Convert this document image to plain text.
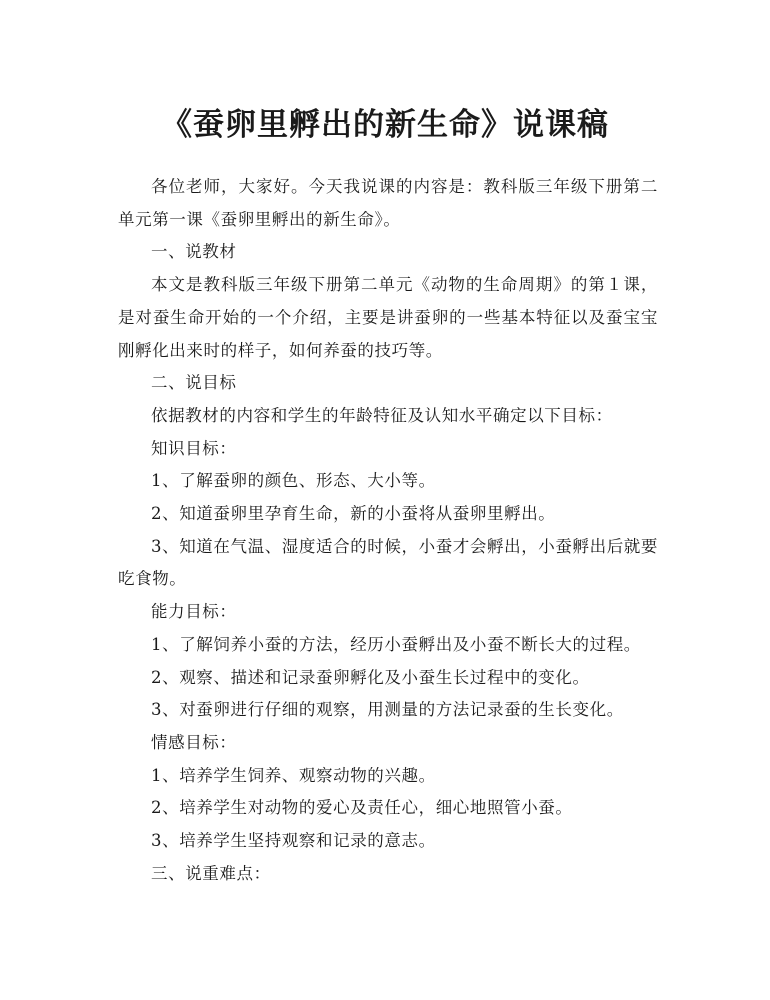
《蚕卵里孵出的新生命》说课稿

各位老师，大家好。今天我说课的内容是：教科版三年级下册第二单元第一课《蚕卵里孵出的新生命》。

一、说教材

本文是教科版三年级下册第二单元《动物的生命周期》的第１课，是对蚕生命开始的一个介绍，主要是讲蚕卵的一些基本特征以及蚕宝宝刚孵化出来时的样子，如何养蚕的技巧等。

二、说目标

依据教材的内容和学生的年龄特征及认知水平确定以下目标：

知识目标：

1、了解蚕卵的颜色、形态、大小等。

2、知道蚕卵里孕育生命，新的小蚕将从蚕卵里孵出。

3、知道在气温、湿度适合的时候，小蚕才会孵出，小蚕孵出后就要吃食物。

能力目标：

1、了解饲养小蚕的方法，经历小蚕孵出及小蚕不断长大的过程。

2、观察、描述和记录蚕卵孵化及小蚕生长过程中的变化。

3、对蚕卵进行仔细的观察，用测量的方法记录蚕的生长变化。

情感目标：

1、培养学生饲养、观察动物的兴趣。

2、培养学生对动物的爱心及责任心，细心地照管小蚕。

3、培养学生坚持观察和记录的意志。

三、说重难点：
